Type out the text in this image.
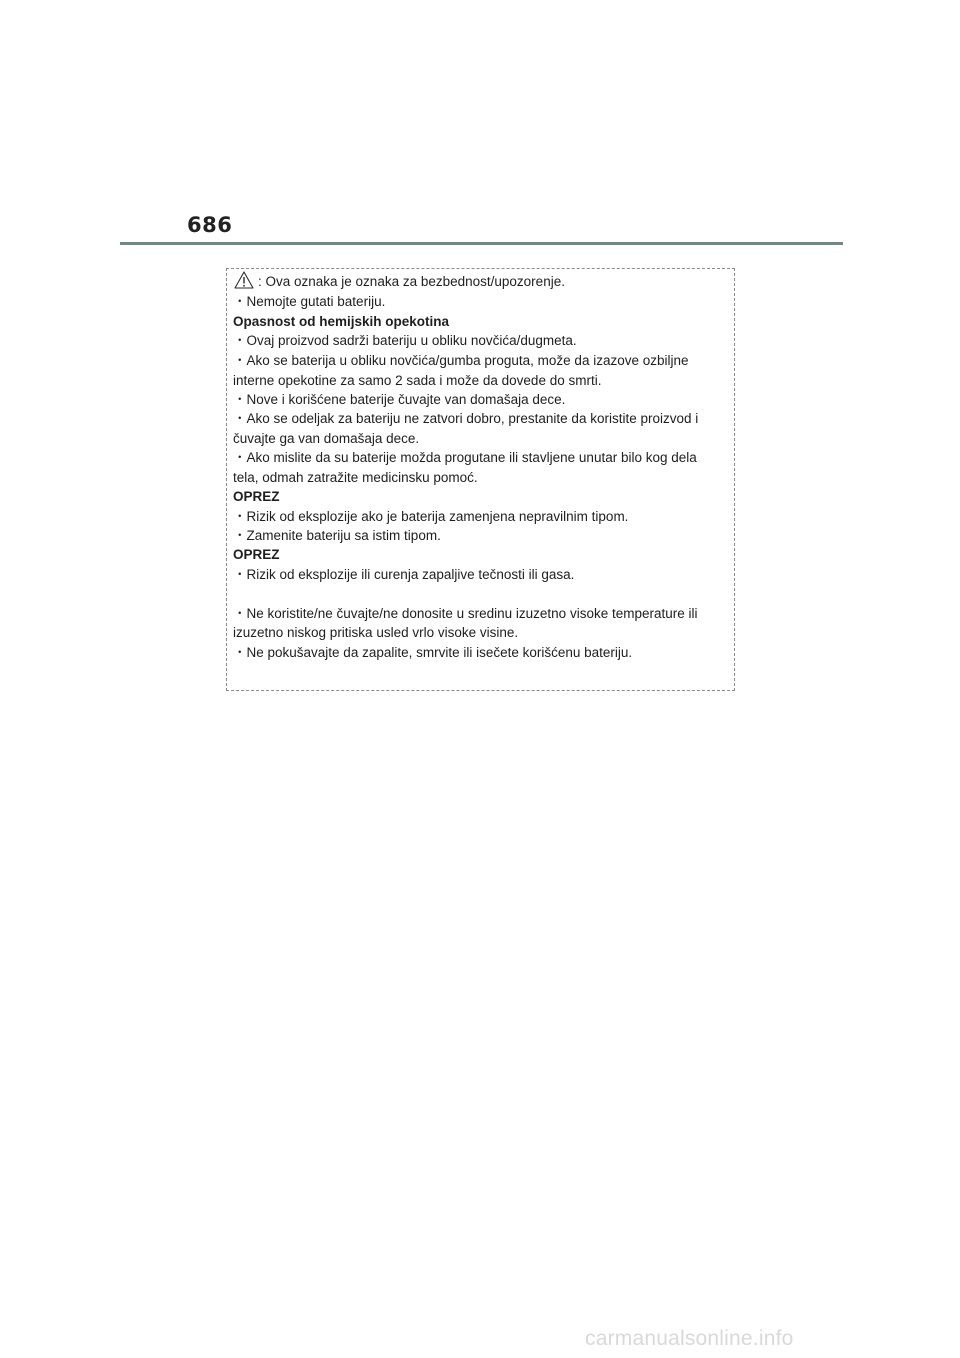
686
: Ova oznaka je oznaka za bezbednost/upozorenje.
・Nemojte gutati bateriju.
Opasnost od hemijskih opekotina
・Ovaj proizvod sadrži bateriju u obliku novčića/dugmeta.
・Ako se baterija u obliku novčića/gumba proguta, može da izazove ozbiljne
interne opekotine za samo 2 sada i može da dovede do smrti.
・Nove i korišćene baterije čuvajte van domašaja dece.
・Ako se odeljak za bateriju ne zatvori dobro, prestanite da koristite proizvod i
čuvajte ga van domašaja dece.
・Ako mislite da su baterije možda progutane ili stavljene unutar bilo kog dela
tela, odmah zatražite medicinsku pomoć.
OPREZ
・Rizik od eksplozije ako je baterija zamenjena nepravilnim tipom.
・Zamenite bateriju sa istim tipom.
OPREZ
・Rizik od eksplozije ili curenja zapaljive tečnosti ili gasa.
・Ne koristite/ne čuvajte/ne donosite u sredinu izuzetno visoke temperature ili
izuzetno niskog pritiska usled vrlo visoke visine.
・Ne pokušavajte da zapalite, smrvite ili isečete korišćenu bateriju.
carmanualsonline.info
